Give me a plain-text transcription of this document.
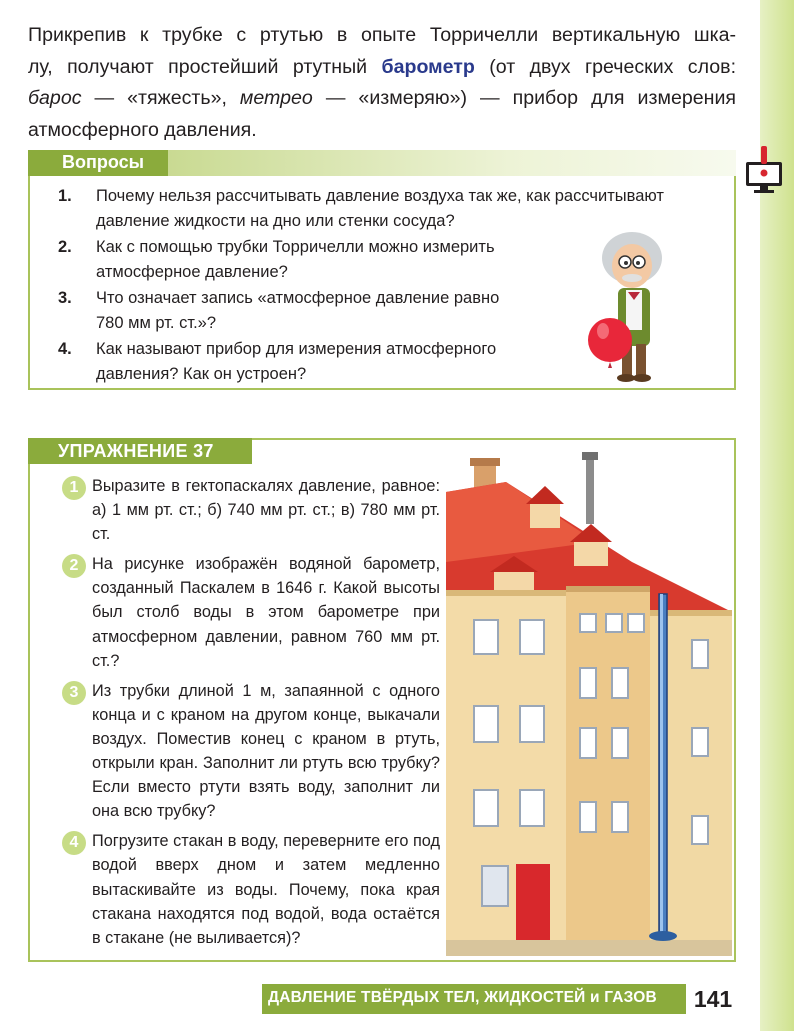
Прикрепив к трубке с ртутью в опыте Торричелли вертикальную шка-
лу, получают простейший ртутный барометр (от двух греческих слов:
барос — «тяжесть», метрео — «измеряю») — прибор для измерения
атмосферного давления.
Вопросы
1.	Почему нельзя рассчитывать давление воздуха так же, как рассчитывают давление жидкости на дно или стенки сосуда?
2.	Как с помощью трубки Торричелли можно измерить атмосферное давление?
3.	Что означает запись «атмосферное давление равно 780 мм рт. ст.»?
4.	Как называют прибор для измерения атмосферного давления? Как он устроен?
УПРАЖНЕНИЕ 37
1 Выразите в гектопаскалях давление, равное: а) 1 мм рт. ст.; б) 740 мм рт. ст.; в) 780 мм рт. ст.
2 На рисунке изображён водяной барометр, созданный Паскалем в 1646 г. Какой высоты был столб воды в этом барометре при атмосферном давлении, равном 760 мм рт. ст.?
3 Из трубки длиной 1 м, запаянной с одного конца и с краном на другом конце, выкачали воздух. Поместив конец с краном в ртуть, открыли кран. Заполнит ли ртуть всю трубку? Если вместо ртути взять воду, заполнит ли она всю трубку?
4 Погрузите стакан в воду, переверните его под водой вверх дном и затем медленно вытаскивайте из воды. Почему, пока края стакана находятся под водой, вода остаётся в стакане (не выливается)?
ДАВЛЕНИЕ ТВЁРДЫХ ТЕЛ, ЖИДКОСТЕЙ и ГАЗОВ	141
